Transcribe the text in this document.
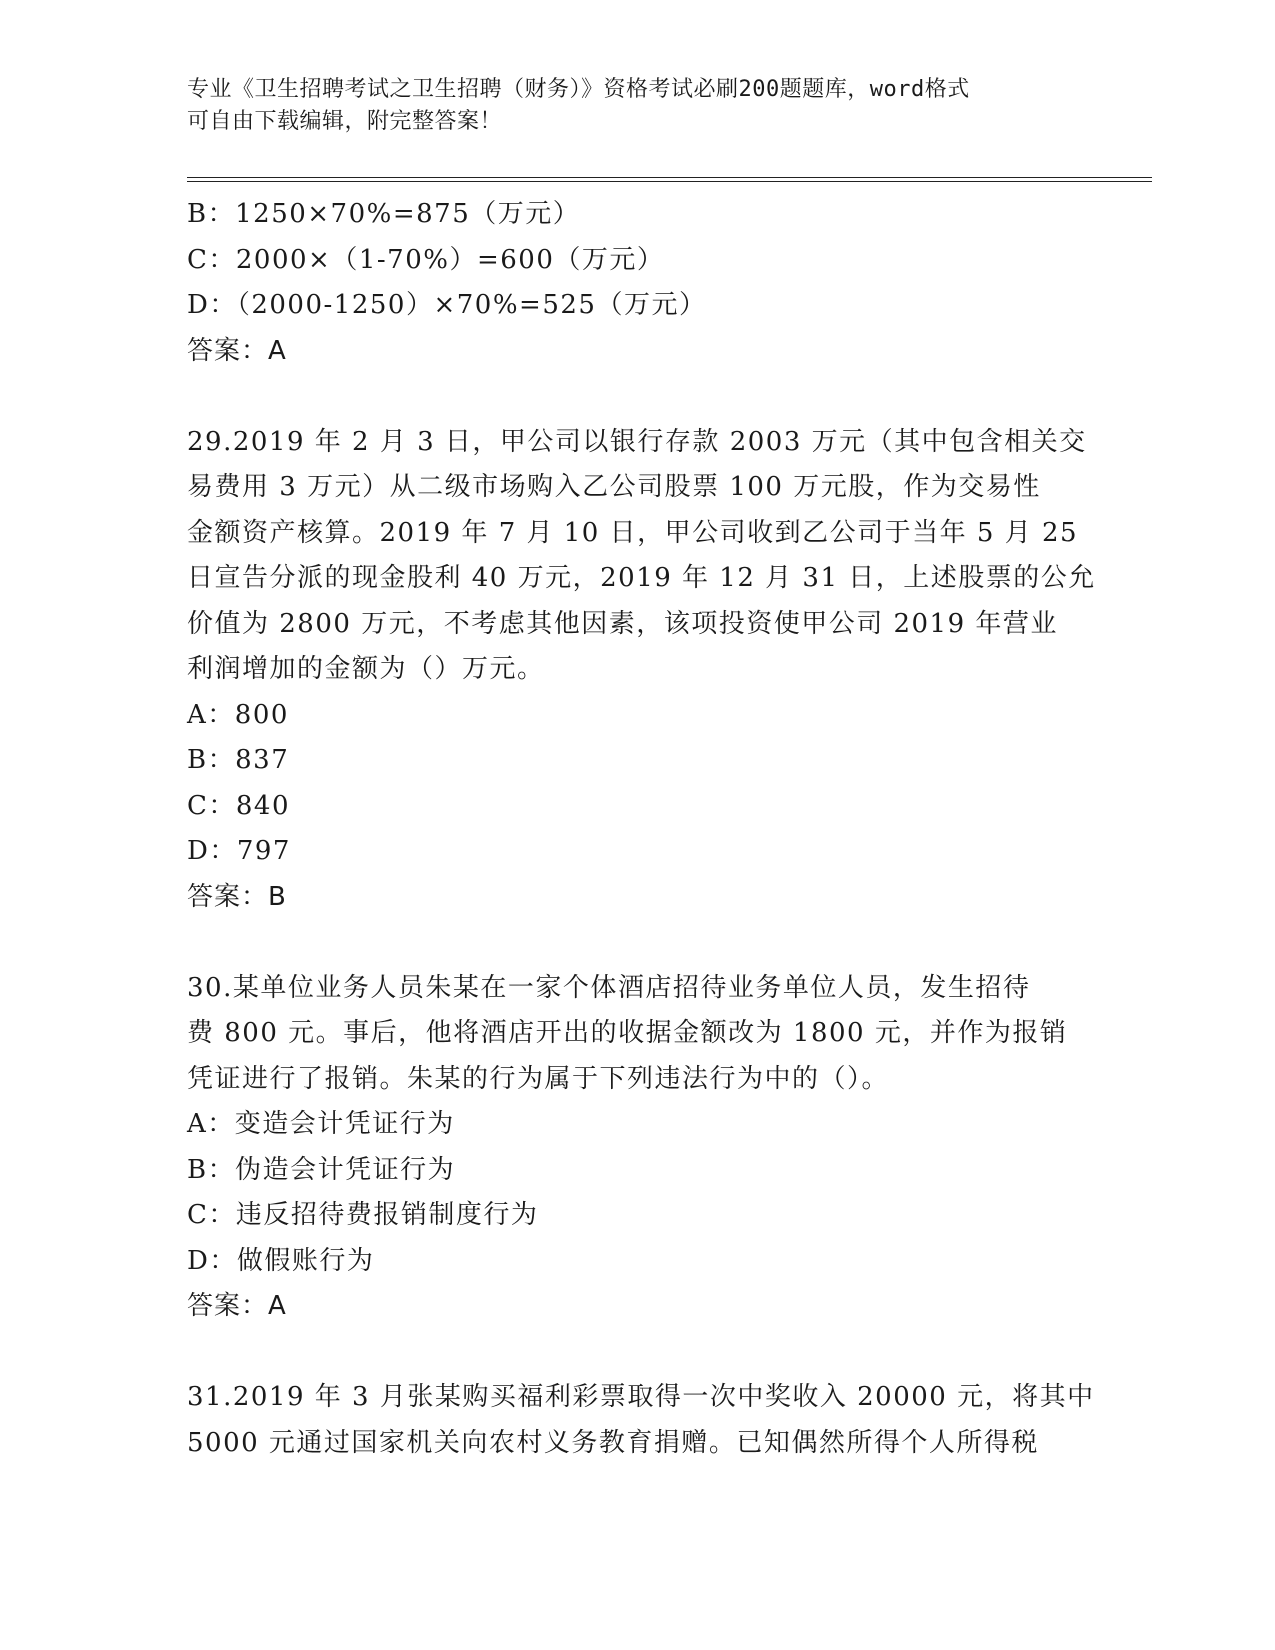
专业《卫生招聘考试之卫生招聘（财务）》资格考试必刷200题题库，word格式
可自由下载编辑，附完整答案！
B：1250×70%=875（万元）
C：2000×（1-70%）=600（万元）
D：（2000-1250）×70%=525（万元）
答案：A
29.2019 年 2 月 3 日，甲公司以银行存款 2003 万元（其中包含相关交
易费用 3 万元）从二级市场购入乙公司股票 100 万元股，作为交易性
金额资产核算。2019 年 7 月 10 日，甲公司收到乙公司于当年 5 月 25
日宣告分派的现金股利 40 万元，2019 年 12 月 31 日，上述股票的公允
价值为 2800 万元，不考虑其他因素，该项投资使甲公司 2019 年营业
利润增加的金额为（）万元。
A：800
B：837
C：840
D：797
答案：B
30.某单位业务人员朱某在一家个体酒店招待业务单位人员，发生招待
费 800 元。事后，他将酒店开出的收据金额改为 1800 元，并作为报销
凭证进行了报销。朱某的行为属于下列违法行为中的（）。
A：变造会计凭证行为
B：伪造会计凭证行为
C：违反招待费报销制度行为
D：做假账行为
答案：A
31.2019 年 3 月张某购买福利彩票取得一次中奖收入 20000 元，将其中
5000 元通过国家机关向农村义务教育捐赠。已知偶然所得个人所得税
